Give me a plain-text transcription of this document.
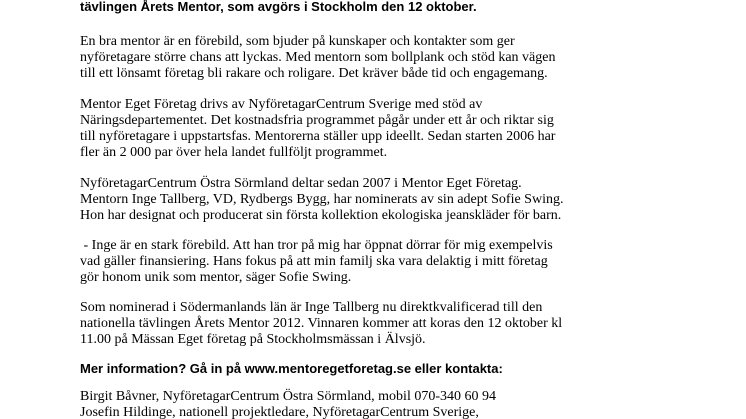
tävlingen Årets Mentor, som avgörs i Stockholm den 12 oktober.
En bra mentor är en förebild, som bjuder på kunskaper och kontakter som ger
nyföretagare större chans att lyckas. Med mentorn som bollplank och stöd kan vägen
till ett lönsamt företag bli rakare och roligare. Det kräver både tid och engagemang.
Mentor Eget Företag drivs av NyföretagarCentrum Sverige med stöd av
Näringsdepartementet. Det kostnadsfria programmet pågår under ett år och riktar sig
till nyföretagare i uppstartsfas. Mentorerna ställer upp ideellt. Sedan starten 2006 har
fler än 2 000 par över hela landet fullföljt programmet.
NyföretagarCentrum Östra Sörmland deltar sedan 2007 i Mentor Eget Företag.
Mentorn Inge Tallberg, VD, Rydbergs Bygg, har nominerats av sin adept Sofie Swing.
Hon har designat och producerat sin första kollektion ekologiska jeanskläder för barn.
- Inge är en stark förebild. Att han tror på mig har öppnat dörrar för mig exempelvis
vad gäller finansiering. Hans fokus på att min familj ska vara delaktig i mitt företag
gör honom unik som mentor, säger Sofie Swing.
Som nominerad i Södermanlands län är Inge Tallberg nu direktkvalificerad till den
nationella tävlingen Årets Mentor 2012. Vinnaren kommer att koras den 12 oktober kl
11.00 på Mässan Eget företag på Stockholmsmässan i Älvsjö.
Mer information? Gå in på www.mentoregetforetag.se eller kontakta:
Birgit Båvner, NyföretagarCentrum Östra Sörmland, mobil 070-340 60 94
Josefin Hildinge, nationell projektledare, NyföretagarCentrum Sverige,
